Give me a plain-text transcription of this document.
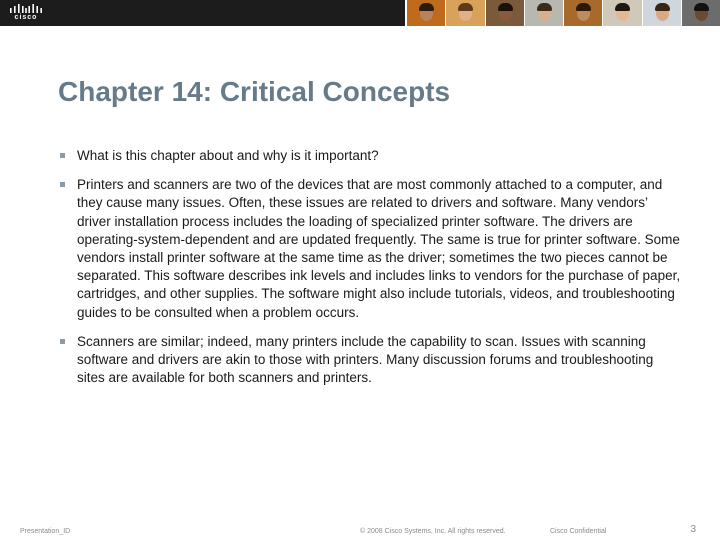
cisco
Chapter 14: Critical Concepts
What is this chapter about and why is it important?
Printers and scanners are two of the devices that are most commonly attached to a computer, and they cause many issues. Often, these issues are related to drivers and software. Many vendors’ driver installation process includes the loading of specialized printer software. The drivers are operating-system-dependent and are updated frequently. The same is true for printer software. Some vendors install printer software at the same time as the driver; sometimes the two pieces cannot be separated. This software describes ink levels and includes links to vendors for the purchase of paper, cartridges, and other supplies. The software might also include tutorials, videos, and troubleshooting guides to be consulted when a problem occurs.
Scanners are similar; indeed, many printers include the capability to scan. Issues with scanning software and drivers are akin to those with printers. Many discussion forums and troubleshooting sites are available for both scanners and printers.
Presentation_ID	© 2008 Cisco Systems, Inc. All rights reserved.	Cisco Confidential	3
